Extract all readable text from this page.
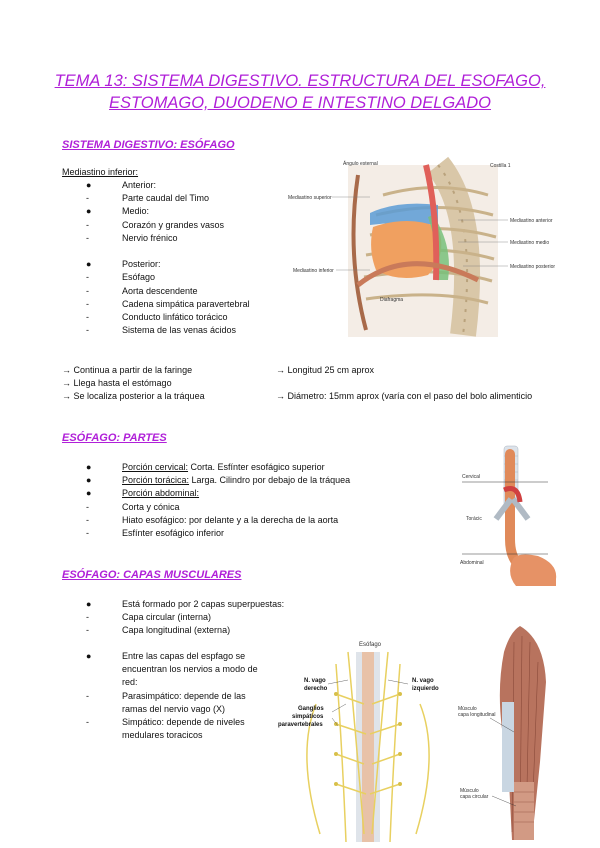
TEMA 13: SISTEMA DIGESTIVO. ESTRUCTURA DEL ESOFAGO,
ESTOMAGO, DUODENO E INTESTINO DELGADO
SISTEMA DIGESTIVO: ESÓFAGO
Mediastino inferior:
●	Anterior:
-	Parte caudal del Timo
●	Medio:
-	Corazón y grandes vasos
-	Nervio frénico
●	Posterior:
-	Esófago
-	Aorta descendente
-	Cadena simpática paravertebral
-	Conducto linfático torácico
-	Sistema de las venas ácidos
→ Continua a partir de la faringe
→ Llega hasta el estómago
→ Se localiza posterior a la tráquea
→ Longitud 25 cm aprox
→ Diámetro: 15mm aprox (varía con el paso del bolo alimenticio
Ángulo esternal	Costilla 1
Mediastino superior
Mediastino inferior
Mediastino anterior
Mediastino medio
Mediastino posterior
Diafragma
ESÓFAGO: PARTES
●	Porción cervical: Corta. Esfínter esofágico superior
●	Porción torácica: Larga. Cilindro por debajo de la tráquea
●	Porción abdominal:
-	Corta y cónica
-	Hiato esofágico: por delante y a la derecha de la aorta
-	Esfínter esofágico inferior
Cervical
Torácic
Abdominal
ESÓFAGO: CAPAS MUSCULARES
●	Está formado por 2 capas superpuestas:
-	Capa circular (interna)
-	Capa longitudinal (externa)
●	Entre las capas del espfago se
encuentran los nervios a modo de
red:
-	Parasimpático: depende de las
ramas del nervio vago (X)
-	Simpático: depende de niveles
medulares toracicos
Esófago
N. vago
derecho
N. vago
izquierdo
Ganglios
simpáticos
paravertebrales
Músculo
capa longitudinal
Músculo
capa circular
